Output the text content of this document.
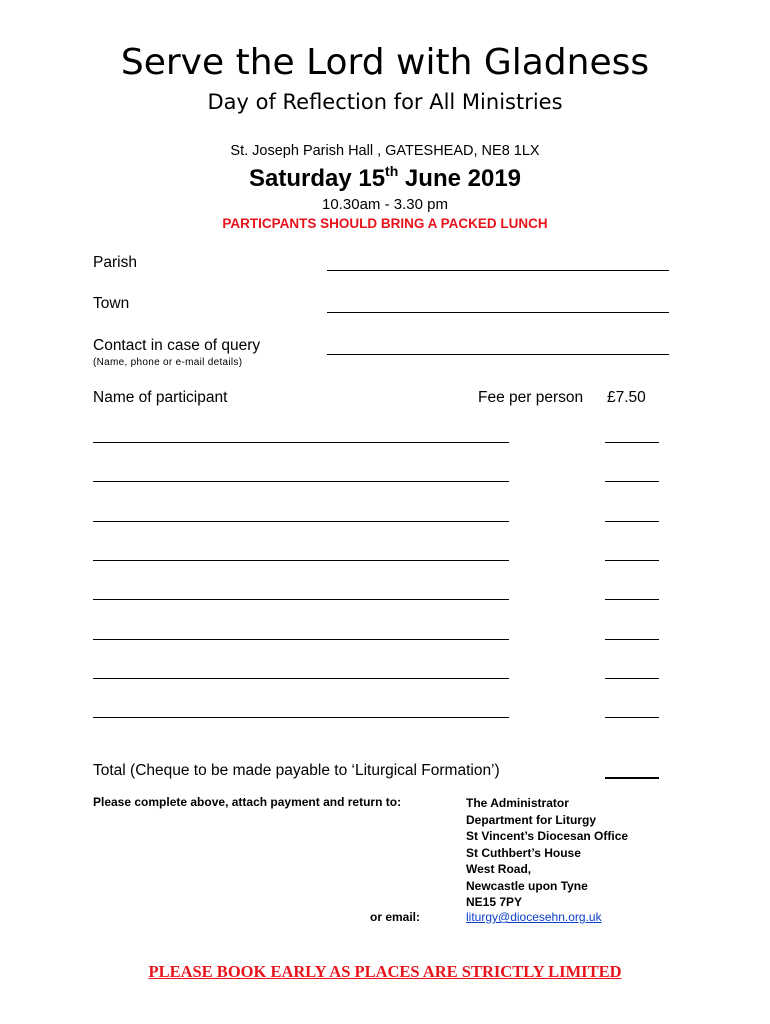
Serve the Lord with Gladness
Day of Reflection for All Ministries
St. Joseph Parish Hall , GATESHEAD, NE8 1LX
Saturday 15th June 2019
10.30am - 3.30 pm
PARTICPANTS SHOULD BRING A PACKED LUNCH
Parish
Town
Contact in case of query
(Name, phone or e-mail details)
Name of participant	Fee per person £7.50
Total (Cheque to be made payable to ‘Liturgical Formation’)
Please complete above, attach payment and return to:	The Administrator
Department for Liturgy
St Vincent’s Diocesan Office
St Cuthbert’s House
West Road,
Newcastle upon Tyne
NE15 7PY
or email:	liturgy@diocesehn.org.uk
PLEASE BOOK EARLY AS PLACES ARE STRICTLY LIMITED
